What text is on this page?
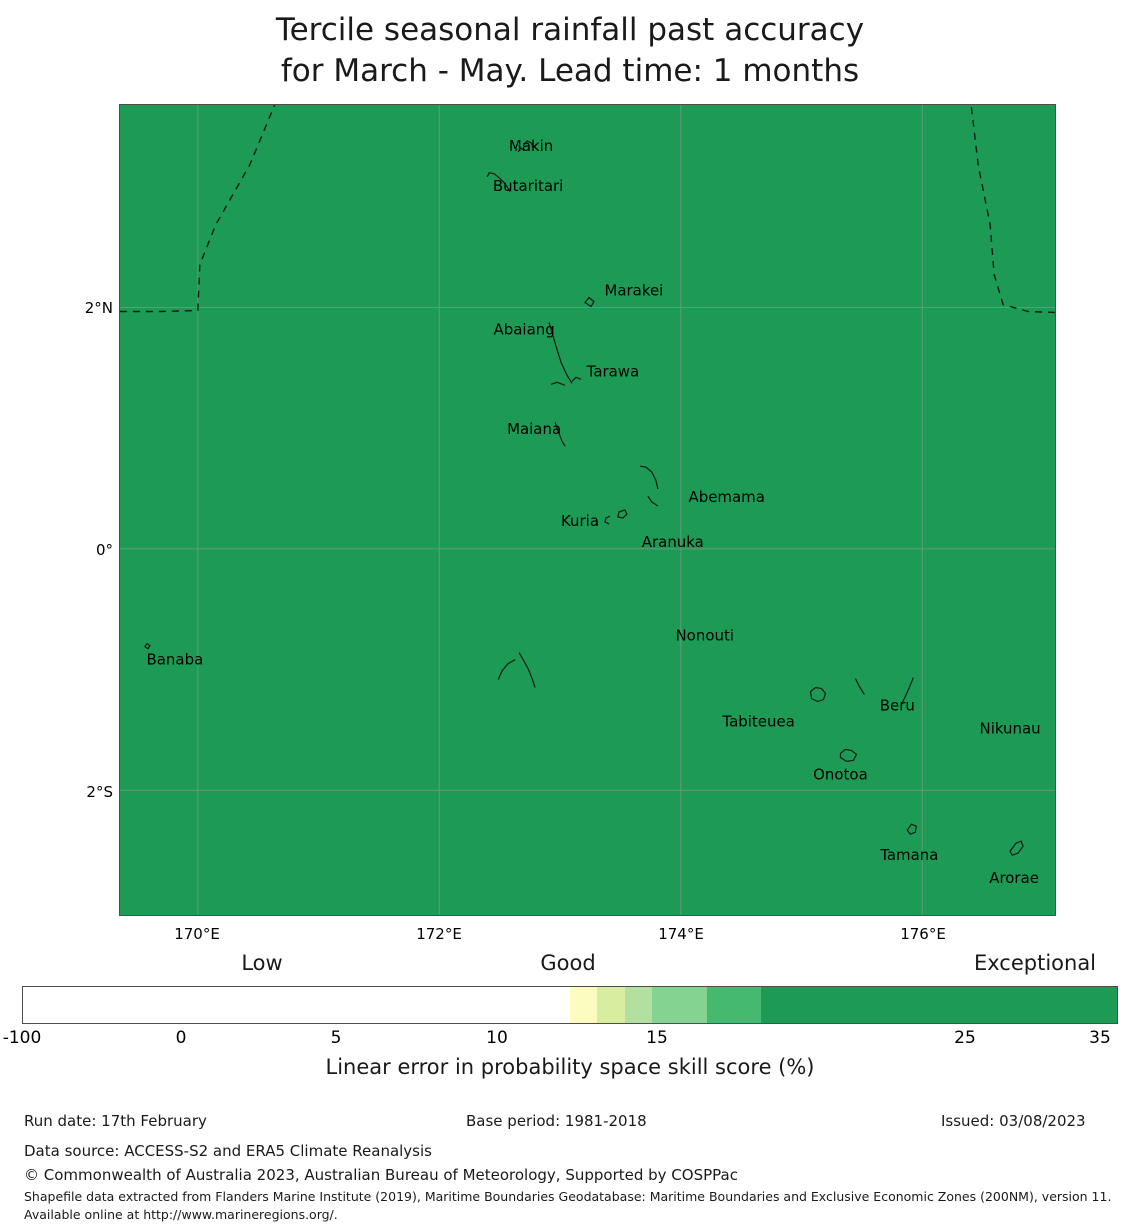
Tercile seasonal rainfall past accuracy
for March - May. Lead time: 1 months
Makin
Butaritari
Marakei
Abaiang
Tarawa
Maiana
Abemama
Kuria
Aranuka
Nonouti
Banaba
Tabiteuea
Beru
Nikunau
Onotoa
Tamana
Arorae
2°N
0°
2°S
170°E	172°E	174°E	176°E
Low	Good	Exceptional
-100	0	5	10	15	25	35
Linear error in probability space skill score (%)
Run date: 17th February	Base period: 1981-2018	Issued: 03/08/2023
Data source: ACCESS-S2 and ERA5 Climate Reanalysis
© Commonwealth of Australia 2023, Australian Bureau of Meteorology, Supported by COSPPac
Shapefile data extracted from Flanders Marine Institute (2019), Maritime Boundaries Geodatabase: Maritime Boundaries and Exclusive Economic Zones (200NM), version 11. Available online at http://www.marineregions.org/.
